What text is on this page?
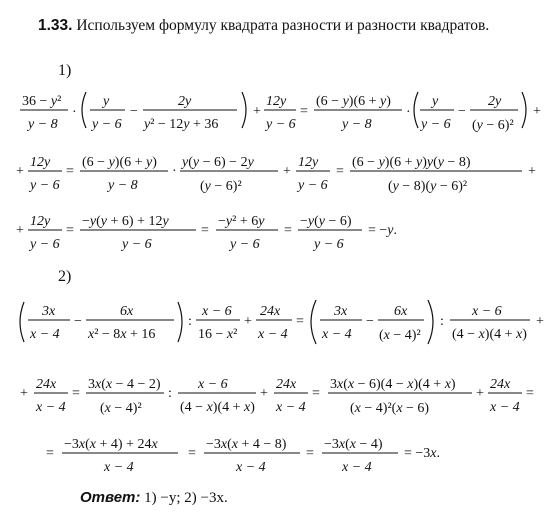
1.33. Используем формулу квадрата разности и разности квадратов.
1)
2)
36 − y²
y − 8
·
y
y − 6
−
2y
y² − 12y + 36
+
12y
y − 6
=
(6 − y)(6 + y)
y − 8
·
y
y − 6
−
2y
(y − 6)²
+
+
12y
y − 6
=
(6 − y)(6 + y)
y − 8
·
y(y − 6) − 2y
(y − 6)²
+
12y
y − 6
=
(6 − y)(6 + y)y(y − 8)
(y − 8)(y − 6)²
+
+
12y
y − 6
=
−y(y + 6) + 12y
y − 6
=
−y² + 6y
y − 6
=
−y(y − 6)
y − 6
= −y.
3x
x − 4
−
6x
x² − 8x + 16
:
x − 6
16 − x²
+
24x
x − 4
=
3x
x − 4
−
6x
(x − 4)²
:
x − 6
(4 − x)(4 + x)
+
+
24x
x − 4
=
3x(x − 4 − 2)
(x − 4)²
:
x − 6
(4 − x)(4 + x)
+
24x
x − 4
=
3x(x − 6)(4 − x)(4 + x)
(x − 4)²(x − 6)
+
24x
x − 4
=
=
−3x(x + 4) + 24x
x − 4
=
−3x(x + 4 − 8)
x − 4
=
−3x(x − 4)
x − 4
= −3x.
Ответ: 1) −y; 2) −3x.
